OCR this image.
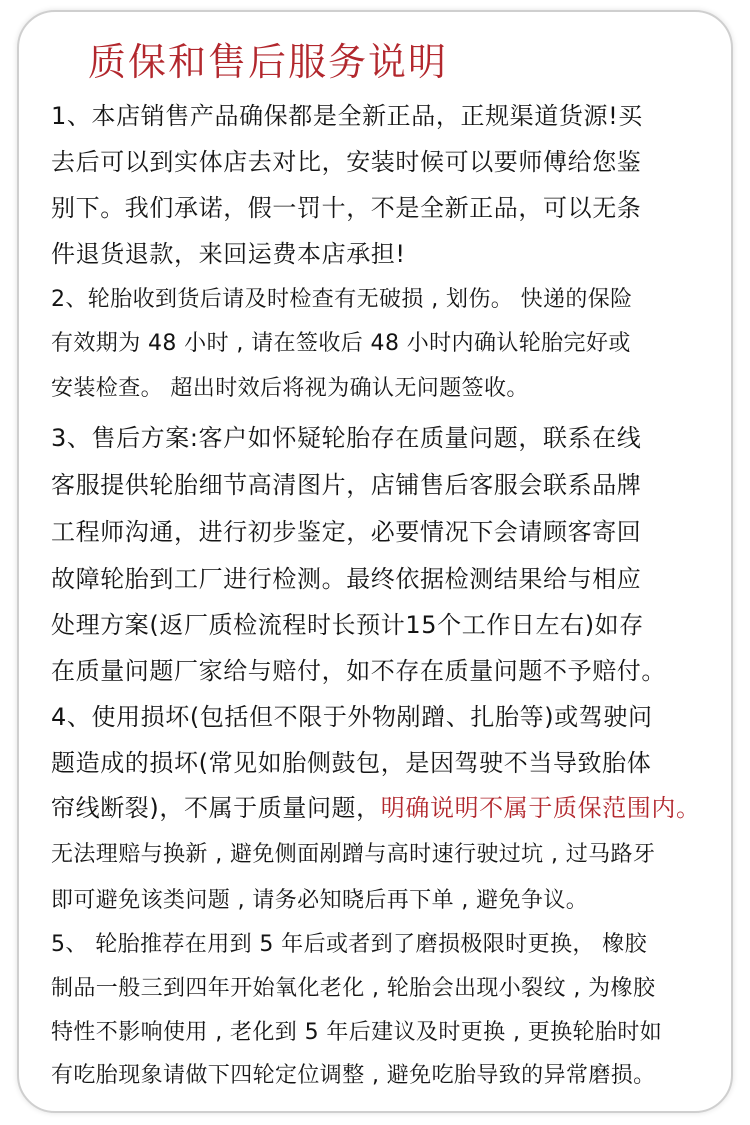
质保和售后服务说明

1、本店销售产品确保都是全新正品，正规渠道货源!买

去后可以到实体店去对比，安装时候可以要师傅给您鉴

别下。我们承诺，假一罚十，不是全新正品，可以无条

件退货退款，来回运费本店承担!

2、轮胎收到货后请及时检查有无破损 , 划伤。 快递的保险

有效期为 48 小时 , 请在签收后 48 小时内确认轮胎完好或

安装检查。 超出时效后将视为确认无问题签收。

3、售后方案:客户如怀疑轮胎存在质量问题，联系在线

客服提供轮胎细节高清图片，店铺售后客服会联系品牌

工程师沟通，进行初步鉴定，必要情况下会请顾客寄回

故障轮胎到工厂进行检测。最终依据检测结果给与相应

处理方案(返厂质检流程时长预计15个工作日左右)如存

在质量问题厂家给与赔付，如不存在质量问题不予赔付。

4、使用损坏(包括但不限于外物剐蹭、扎胎等)或驾驶问

题造成的损坏(常见如胎侧鼓包，是因驾驶不当导致胎体

帘线断裂)，不属于质量问题，明确说明不属于质保范围内。

无法理赔与换新 , 避免侧面剐蹭与高时速行驶过坑 , 过马路牙

即可避免该类问题 , 请务必知晓后再下单 , 避免争议。

5、 轮胎推荐在用到 5 年后或者到了磨损极限时更换， 橡胶

制品一般三到四年开始氧化老化 , 轮胎会出现小裂纹 , 为橡胶

特性不影响使用 , 老化到 5 年后建议及时更换 , 更换轮胎时如

有吃胎现象请做下四轮定位调整 , 避免吃胎导致的异常磨损。
